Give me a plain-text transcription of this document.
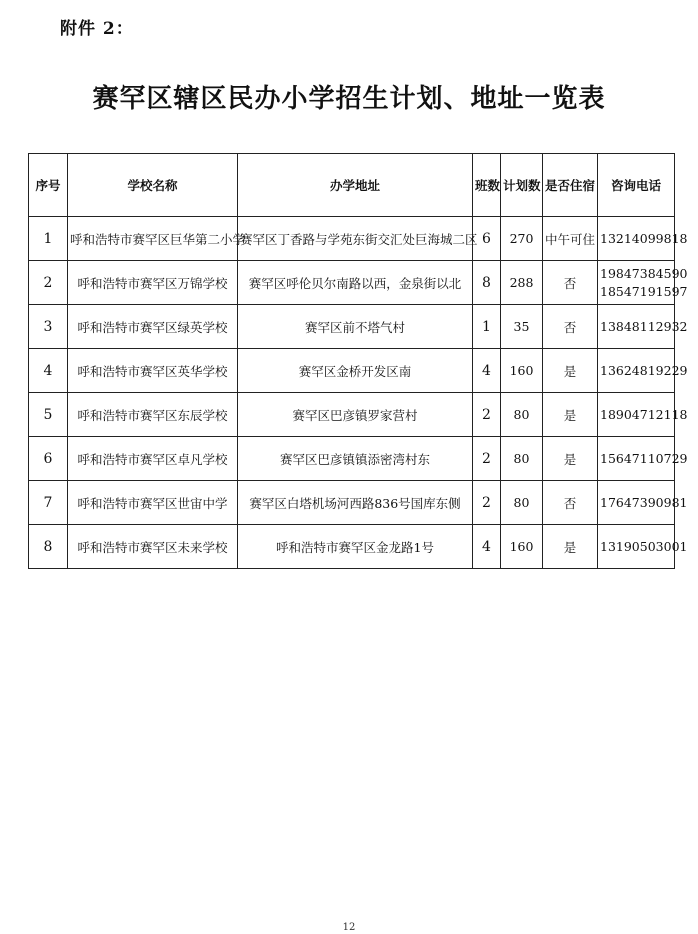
附件 2：
赛罕区辖区民办小学招生计划、地址一览表
序号	学校名称	办学地址	班数	计划数	是否住宿	咨询电话
1	呼和浩特市赛罕区巨华第二小学	赛罕区丁香路与学苑东街交汇处巨海城二区	6	270	中午可住	13214099818

2	呼和浩特市赛罕区万锦学校	赛罕区呼伦贝尔南路以西，金泉街以北	8	288	否	19847384590
18547191597

3	呼和浩特市赛罕区绿英学校	赛罕区前不塔气村	1	35	否	13848112932

4	呼和浩特市赛罕区英华学校	赛罕区金桥开发区南	4	160	是	13624819229

5	呼和浩特市赛罕区东辰学校	赛罕区巴彦镇罗家营村	2	80	是	18904712118

6	呼和浩特市赛罕区卓凡学校	赛罕区巴彦镇镇添密湾村东	2	80	是	15647110729

7	呼和浩特市赛罕区世宙中学	赛罕区白塔机场河西路836号国库东侧	2	80	否	17647390981

8	呼和浩特市赛罕区未来学校	呼和浩特市赛罕区金龙路1号	4	160	是	13190503001
12
